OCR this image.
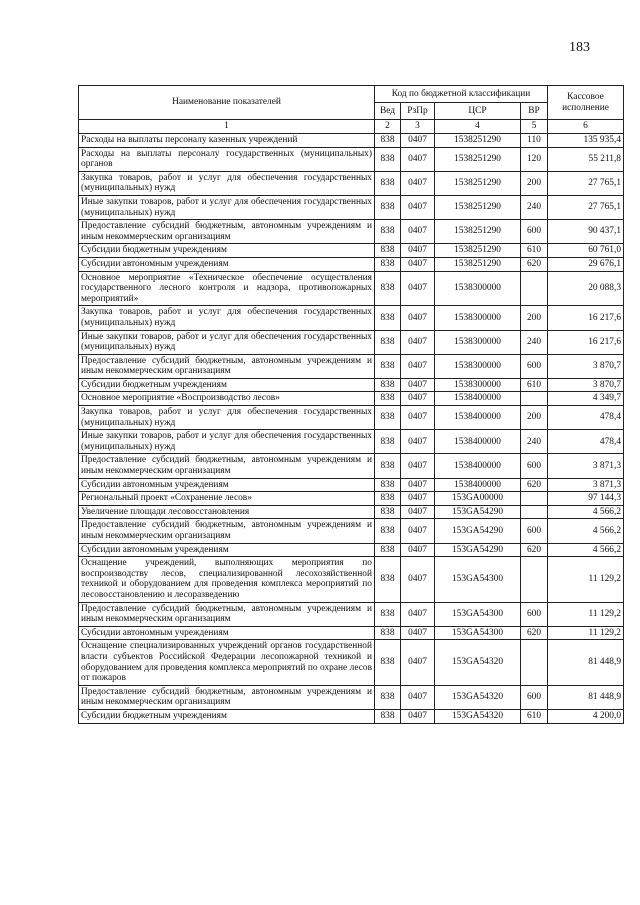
183
Наименование показателей	Код по бюджетной классификации				Кассовое исполнение
	Вед	РзПр	ЦСР	ВР	
1	2	3	4	5	6
Расходы на выплаты персоналу казенных учреждений	838	0407	1538251290	110	135 935,4
Расходы на выплаты персоналу государственных (муниципальных) органов	838	0407	1538251290	120	55 211,8
Закупка товаров, работ и услуг для обеспечения государственных (муниципальных) нужд	838	0407	1538251290	200	27 765,1
Иные закупки товаров, работ и услуг для обеспечения государственных (муниципальных) нужд	838	0407	1538251290	240	27 765,1
Предоставление субсидий бюджетным, автономным учреждениям и иным некоммерческим организациям	838	0407	1538251290	600	90 437,1
Субсидии бюджетным учреждениям	838	0407	1538251290	610	60 761,0
Субсидии автономным учреждениям	838	0407	1538251290	620	29 676,1
Основное мероприятие «Техническое обеспечение осуществления государственного лесного контроля и надзора, противопожарных мероприятий»	838	0407	1538300000		20 088,3
Закупка товаров, работ и услуг для обеспечения государственных (муниципальных) нужд	838	0407	1538300000	200	16 217,6
Иные закупки товаров, работ и услуг для обеспечения государственных (муниципальных) нужд	838	0407	1538300000	240	16 217,6
Предоставление субсидий бюджетным, автономным учреждениям и иным некоммерческим организациям	838	0407	1538300000	600	3 870,7
Субсидии бюджетным учреждениям	838	0407	1538300000	610	3 870,7
Основное мероприятие «Воспроизводство лесов»	838	0407	1538400000		4 349,7
Закупка товаров, работ и услуг для обеспечения государственных (муниципальных) нужд	838	0407	1538400000	200	478,4
Иные закупки товаров, работ и услуг для обеспечения государственных (муниципальных) нужд	838	0407	1538400000	240	478,4
Предоставление субсидий бюджетным, автономным учреждениям и иным некоммерческим организациям	838	0407	1538400000	600	3 871,3
Субсидии автономным учреждениям	838	0407	1538400000	620	3 871,3
Региональный проект «Сохранение лесов»	838	0407	153GA00000		97 144,3
Увеличение площади лесовосстановления	838	0407	153GA54290		4 566,2
Предоставление субсидий бюджетным, автономным учреждениям и иным некоммерческим организациям	838	0407	153GA54290	600	4 566,2
Субсидии автономным учреждениям	838	0407	153GA54290	620	4 566,2
Оснащение учреждений, выполняющих мероприятия по воспроизводству лесов, специализированной лесохозяйственной техникой и оборудованием для проведения комплекса мероприятий по лесовосстановлению и лесоразведению	838	0407	153GA54300		11 129,2
Предоставление субсидий бюджетным, автономным учреждениям и иным некоммерческим организациям	838	0407	153GA54300	600	11 129,2
Субсидии автономным учреждениям	838	0407	153GA54300	620	11 129,2
Оснащение специализированных учреждений органов государственной власти субъектов Российской Федерации лесопожарной техникой и оборудованием для проведения комплекса мероприятий по охране лесов от пожаров	838	0407	153GA54320		81 448,9
Предоставление субсидий бюджетным, автономным учреждениям и иным некоммерческим организациям	838	0407	153GA54320	600	81 448,9
Субсидии бюджетным учреждениям	838	0407	153GA54320	610	4 200,0
